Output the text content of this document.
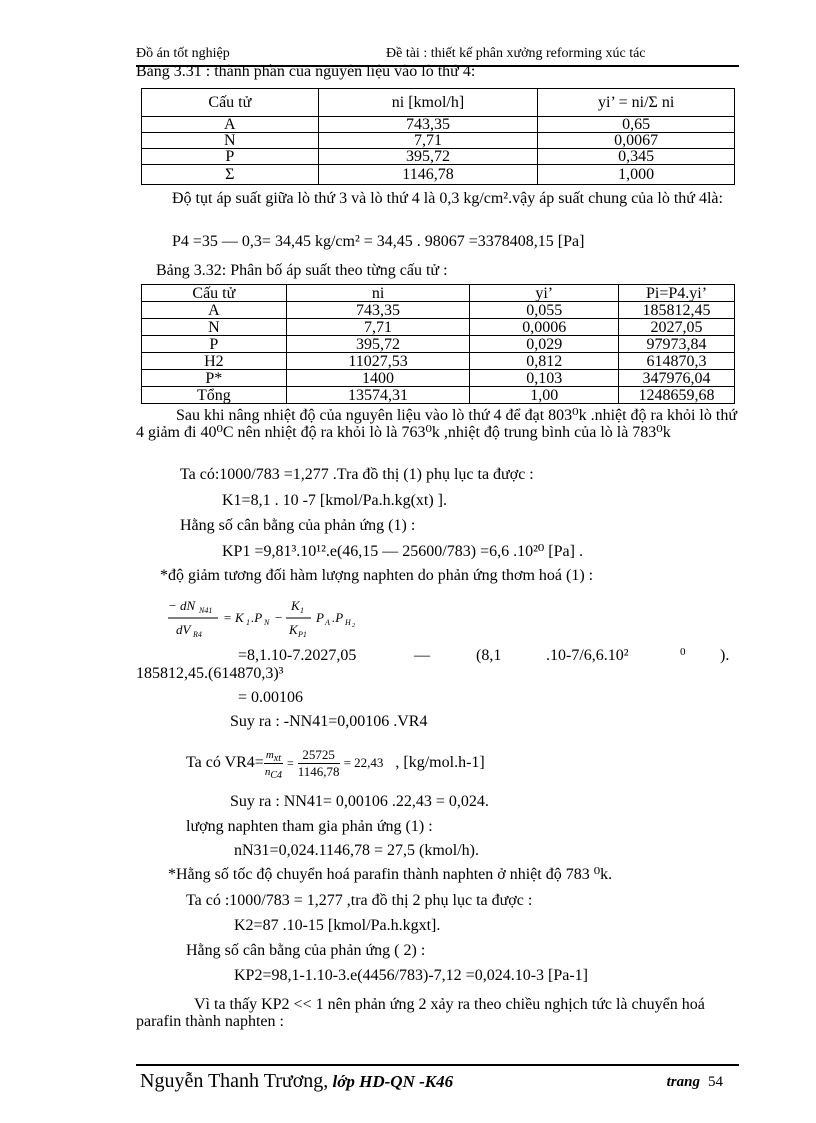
Đồ án tốt nghiệp	Đề tài : thiết kế phân xưởng reforming xúc tác
Bảng 3.31 : thành phần của nguyên liệu vào lò thứ 4:
Cấu tử	ni [kmol/h]	yi’ = ni/Σ ni
A	743,35	0,65
N	7,71	0,0067
P	395,72	0,345
Σ	1146,78	1,000
Độ tụt áp suất giữa lò thứ 3 và lò thứ 4 là 0,3 kg/cm².vậy áp suất chung của lò thứ 4là:
P4 =35 — 0,3= 34,45 kg/cm² = 34,45 . 98067 =3378408,15 [Pa]
Bảng 3.32: Phân bố áp suất theo từng cấu tử :
Cấu tử	ni	yi’	Pi=P4.yi’
A	743,35	0,055	185812,45
N	7,71	0,0006	2027,05
P	395,72	0,029	97973,84
H2	11027,53	0,812	614870,3
P*	1400	0,103	347976,04
Tổng	13574,31	1,00	1248659,68
Sau khi nâng nhiệt độ của nguyên liệu vào lò thứ 4 để đạt 803⁰k .nhiệt độ ra khỏi lò thứ 4 giảm đi 40⁰C nên nhiệt độ ra khỏi lò là 763⁰k ,nhiệt độ trung bình của lò là 783⁰k
Ta có:1000/783 =1,277 .Tra đồ thị (1) phụ lục ta được :
K1=8,1 . 10 -7 [kmol/Pa.h.kg(xt) ].
Hằng số cân bằng của phản ứng (1) :
KP1 =9,81³.10¹².e(46,15 — 25600/783) =6,6 .10²⁰ [Pa] .
*độ giảm tương đối hàm lượng naphten do phản ứng thơm hoá (1) :
− dN N41
dV R4
= K 1 .P N −
K 1
K P1
P A .P H 2
=8,1.10-7.2027,05	—	(8,1	.10-7/6,6.10²	0 ).
185812,45.(614870,3)³
= 0.00106
Suy ra : -NN41=0,00106 .VR4
Ta có $VR4= \frac{m_{xt}}{n_{C4}} = \frac{25725}{1146,78} = 22,43$ , [kg/mol.h-1]
Suy ra : NN41= 0,00106 .22,43 = 0,024.
lượng naphten tham gia phản ứng (1) :
nN31=0,024.1146,78 = 27,5 (kmol/h).
*Hằng số tốc độ chuyển hoá parafin thành naphten ở nhiệt độ 783 ⁰k.
Ta có :1000/783 = 1,277 ,tra đồ thị 2 phụ lục ta được :
K2=87 .10-15 [kmol/Pa.h.kgxt].
Hằng số cân bằng của phản ứng ( 2) :
KP2=98,1-1.10-3.e(4456/783)-7,12 =0,024.10-3 [Pa-1]
Vì ta thấy KP2 << 1 nên phản ứng 2 xảy ra theo chiều nghịch tức là chuyển hoá parafin thành naphten :
Nguyễn Thanh Trương, lớp HD-QN -K46	trang 54
